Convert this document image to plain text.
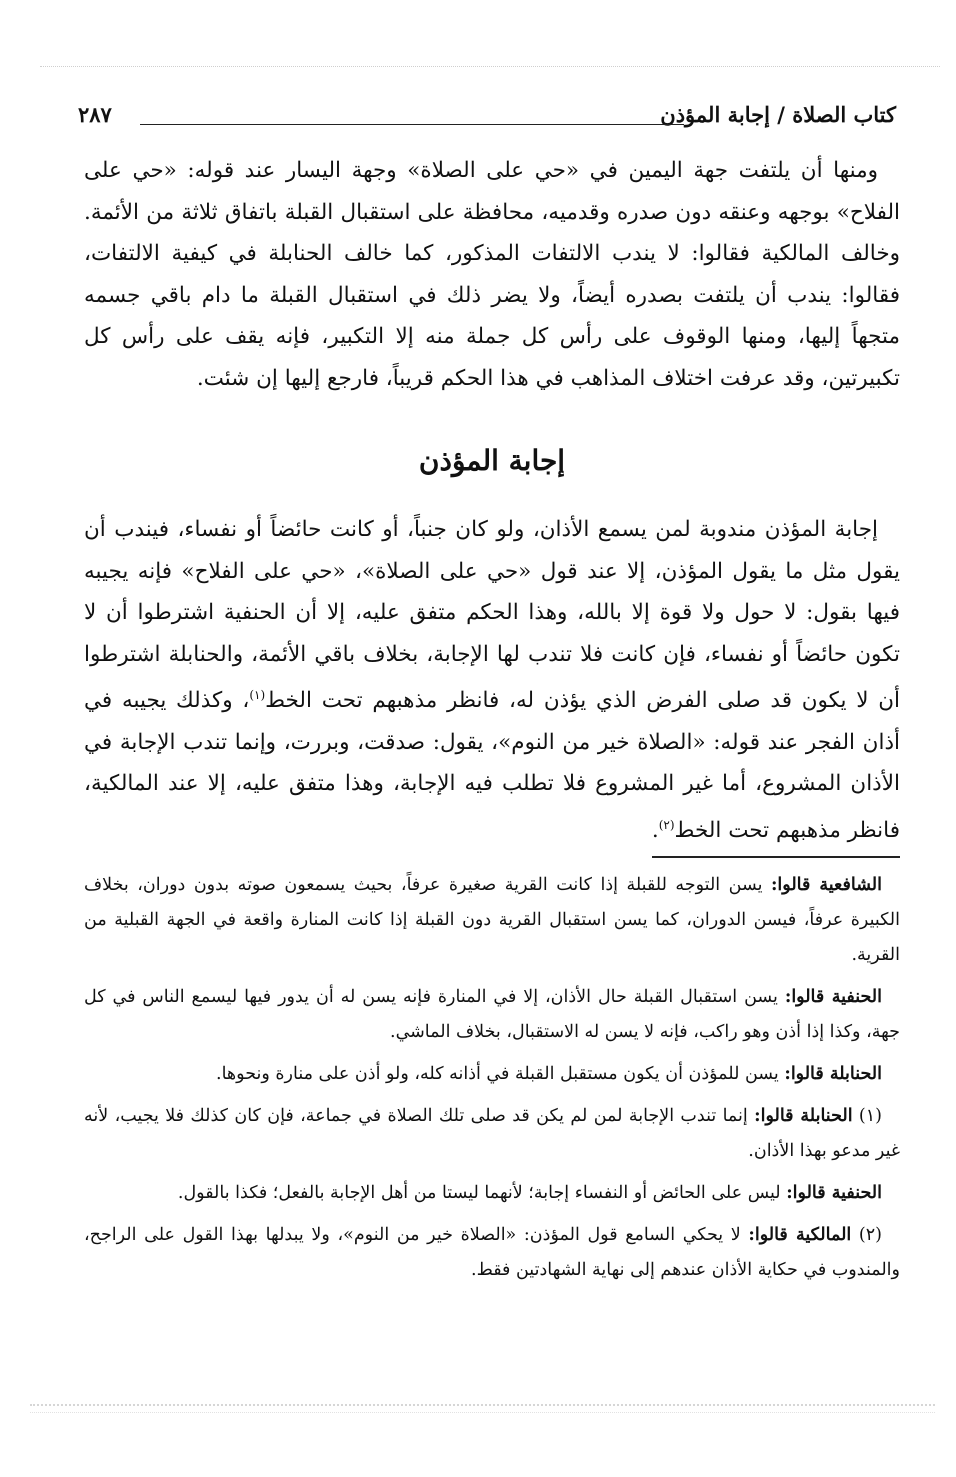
كتاب الصلاة / إجابة المؤذن
٢٨٧

ومنها أن يلتفت جهة اليمين في «حي على الصلاة» وجهة اليسار عند قوله: «حي على الفلاح» بوجهه وعنقه دون صدره وقدميه، محافظة على استقبال القبلة باتفاق ثلاثة من الأئمة. وخالف المالكية فقالوا: لا يندب الالتفات المذكور، كما خالف الحنابلة في كيفية الالتفات، فقالوا: يندب أن يلتفت بصدره أيضاً، ولا يضر ذلك في استقبال القبلة ما دام باقي جسمه متجهاً إليها، ومنها الوقوف على رأس كل جملة منه إلا التكبير، فإنه يقف على رأس كل تكبيرتين، وقد عرفت اختلاف المذاهب في هذا الحكم قريباً، فارجع إليها إن شئت.

إجابة المؤذن

إجابة المؤذن مندوبة لمن يسمع الأذان، ولو كان جنباً، أو كانت حائضاً أو نفساء، فيندب أن يقول مثل ما يقول المؤذن، إلا عند قول «حي على الصلاة»، «حي على الفلاح» فإنه يجيبه فيها بقول: لا حول ولا قوة إلا بالله، وهذا الحكم متفق عليه، إلا أن الحنفية اشترطوا أن لا تكون حائضاً أو نفساء، فإن كانت فلا تندب لها الإجابة، بخلاف باقي الأئمة، والحنابلة اشترطوا أن لا يكون قد صلى الفرض الذي يؤذن له، فانظر مذهبهم تحت الخط$^{(١)}$، وكذلك يجيبه في أذان الفجر عند قوله: «الصلاة خير من النوم»، يقول: صدقت، وبررت، وإنما تندب الإجابة في الأذان المشروع، أما غير المشروع فلا تطلب فيه الإجابة، وهذا متفق عليه، إلا عند المالكية، فانظر مذهبهم تحت الخط$^{(٢)}$.

الشافعية قالوا: يسن التوجه للقبلة إذا كانت القرية صغيرة عرفاً، بحيث يسمعون صوته بدون دوران، بخلاف الكبيرة عرفاً، فيسن الدوران، كما يسن استقبال القرية دون القبلة إذا كانت المنارة واقعة في الجهة القبلية من القرية.

الحنفية قالوا: يسن استقبال القبلة حال الأذان، إلا في المنارة فإنه يسن له أن يدور فيها ليسمع الناس في كل جهة، وكذا إذا أذن وهو راكب، فإنه لا يسن له الاستقبال، بخلاف الماشي.

الحنابلة قالوا: يسن للمؤذن أن يكون مستقبل القبلة في أذانه كله، ولو أذن على منارة ونحوها.

(١) الحنابلة قالوا: إنما تندب الإجابة لمن لم يكن قد صلى تلك الصلاة في جماعة، فإن كان كذلك فلا يجيب، لأنه غير مدعو بهذا الأذان.

الحنفية قالوا: ليس على الحائض أو النفساء إجابة؛ لأنهما ليستا من أهل الإجابة بالفعل؛ فكذا بالقول.

(٢) المالكية قالوا: لا يحكي السامع قول المؤذن: «الصلاة خير من النوم»، ولا يبدلها بهذا القول على الراجح، والمندوب في حكاية الأذان عندهم إلى نهاية الشهادتين فقط.
